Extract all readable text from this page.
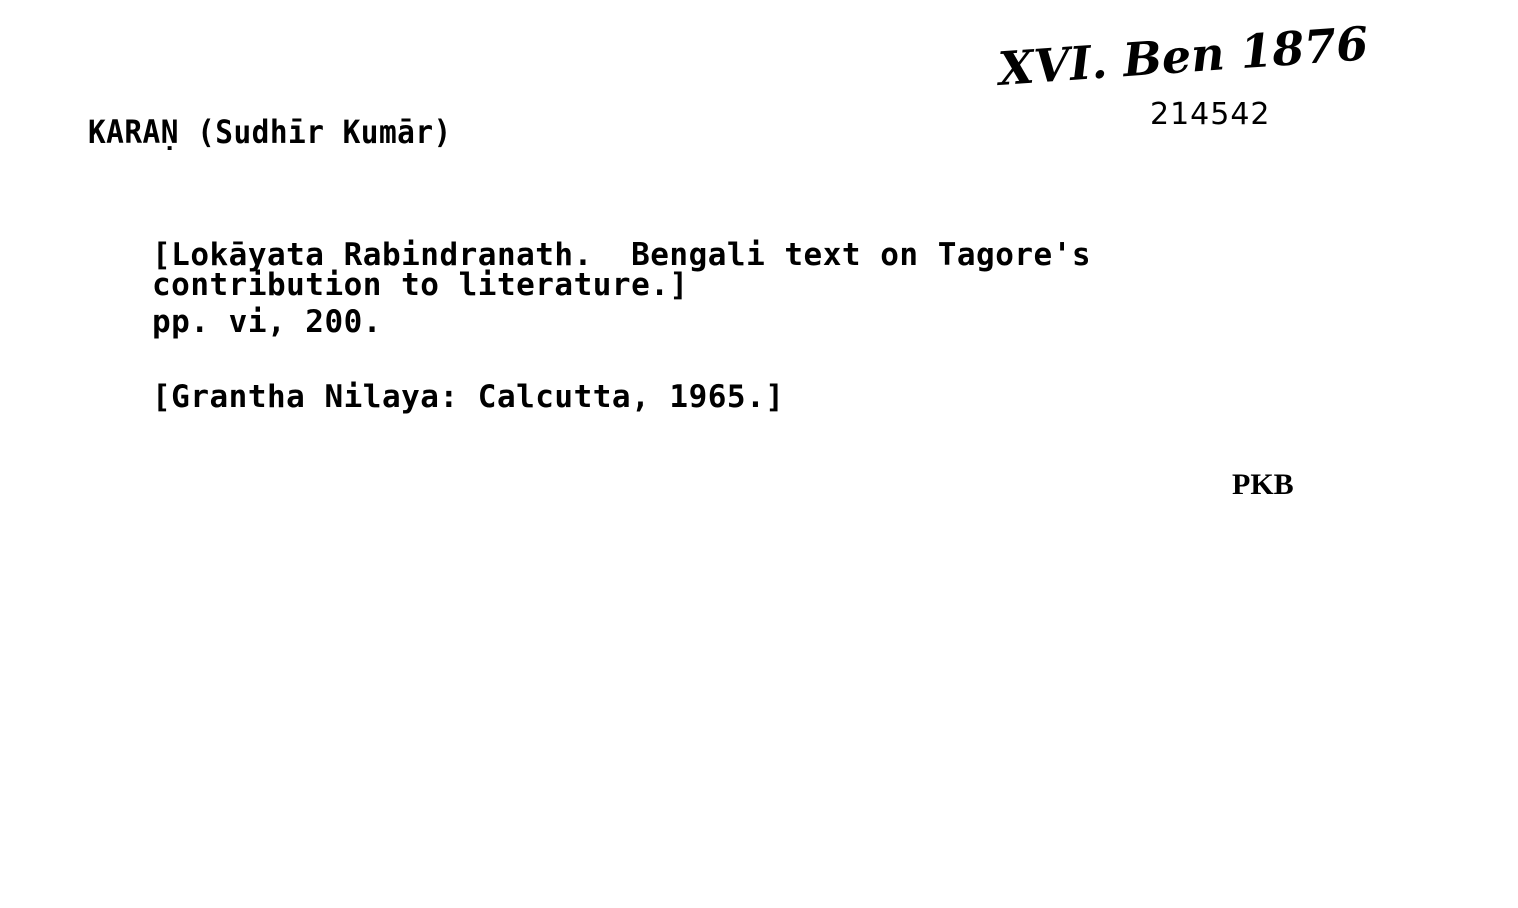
XVI. Ben 1876
214542
KARAṆ (Sudhīr Kumār)
[Lokāyata Rabindranath.  Bengali text on Tagore's
contribution to literature.]
pp. vi, 200.
[Grantha Nilaya: Calcutta, 1965.]
PKB
